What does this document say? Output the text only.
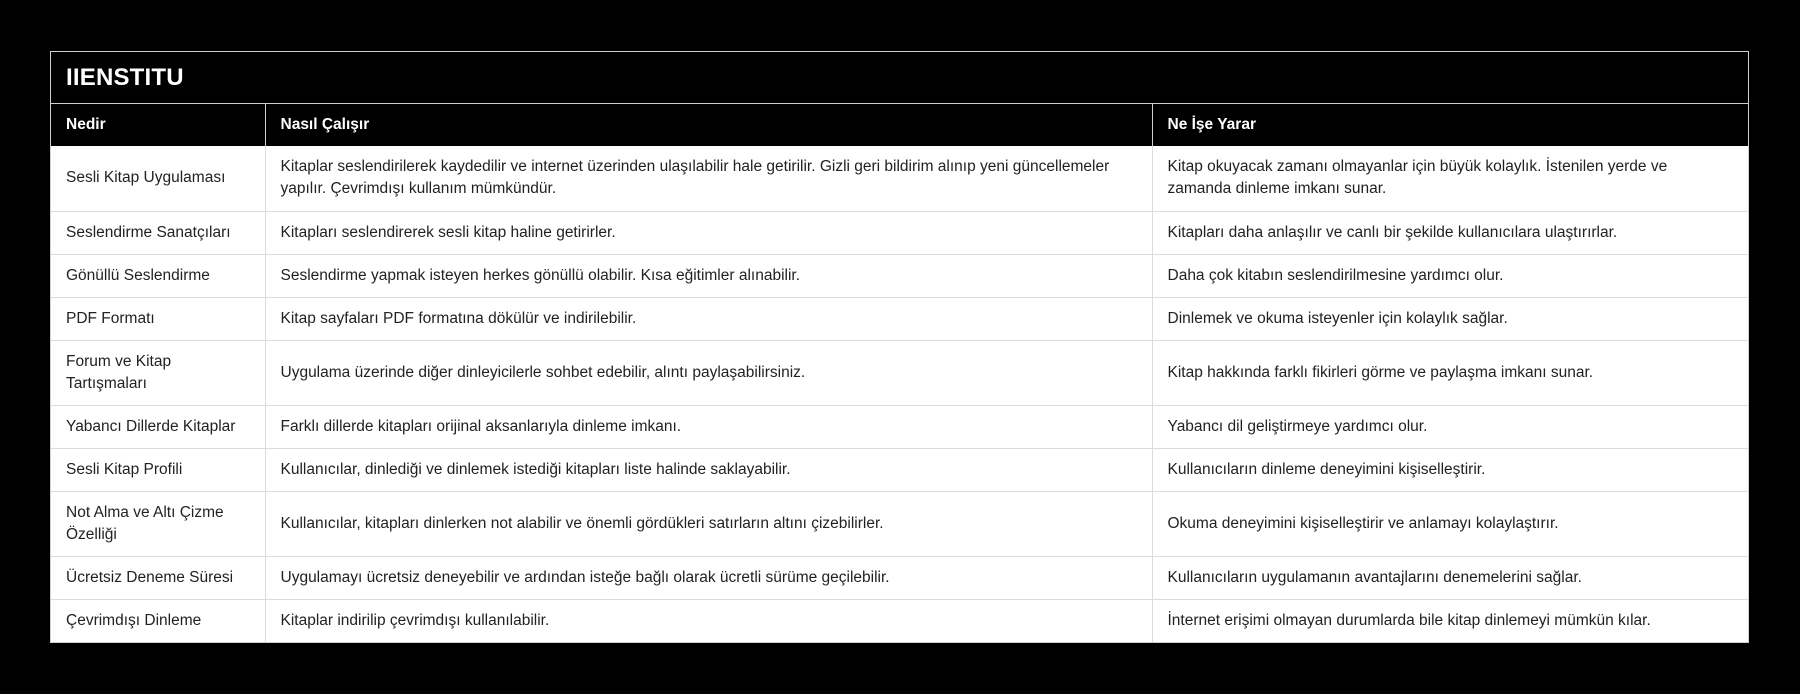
IIENSTITU
Nedir	Nasıl Çalışır	Ne İşe Yarar
Sesli Kitap Uygulaması	Kitaplar seslendirilerek kaydedilir ve internet üzerinden ulaşılabilir hale getirilir. Gizli geri bildirim alınıp yeni güncellemeler yapılır. Çevrimdışı kullanım mümkündür.	Kitap okuyacak zamanı olmayanlar için büyük kolaylık. İstenilen yerde ve zamanda dinleme imkanı sunar.
Seslendirme Sanatçıları	Kitapları seslendirerek sesli kitap haline getirirler.	Kitapları daha anlaşılır ve canlı bir şekilde kullanıcılara ulaştırırlar.
Gönüllü Seslendirme	Seslendirme yapmak isteyen herkes gönüllü olabilir. Kısa eğitimler alınabilir.	Daha çok kitabın seslendirilmesine yardımcı olur.
PDF Formatı	Kitap sayfaları PDF formatına dökülür ve indirilebilir.	Dinlemek ve okuma isteyenler için kolaylık sağlar.
Forum ve Kitap Tartışmaları	Uygulama üzerinde diğer dinleyicilerle sohbet edebilir, alıntı paylaşabilirsiniz.	Kitap hakkında farklı fikirleri görme ve paylaşma imkanı sunar.
Yabancı Dillerde Kitaplar	Farklı dillerde kitapları orijinal aksanlarıyla dinleme imkanı.	Yabancı dil geliştirmeye yardımcı olur.
Sesli Kitap Profili	Kullanıcılar, dinlediği ve dinlemek istediği kitapları liste halinde saklayabilir.	Kullanıcıların dinleme deneyimini kişiselleştirir.
Not Alma ve Altı Çizme Özelliği	Kullanıcılar, kitapları dinlerken not alabilir ve önemli gördükleri satırların altını çizebilirler.	Okuma deneyimini kişiselleştirir ve anlamayı kolaylaştırır.
Ücretsiz Deneme Süresi	Uygulamayı ücretsiz deneyebilir ve ardından isteğe bağlı olarak ücretli sürüme geçilebilir.	Kullanıcıların uygulamanın avantajlarını denemelerini sağlar.
Çevrimdışı Dinleme	Kitaplar indirilip çevrimdışı kullanılabilir.	İnternet erişimi olmayan durumlarda bile kitap dinlemeyi mümkün kılar.
